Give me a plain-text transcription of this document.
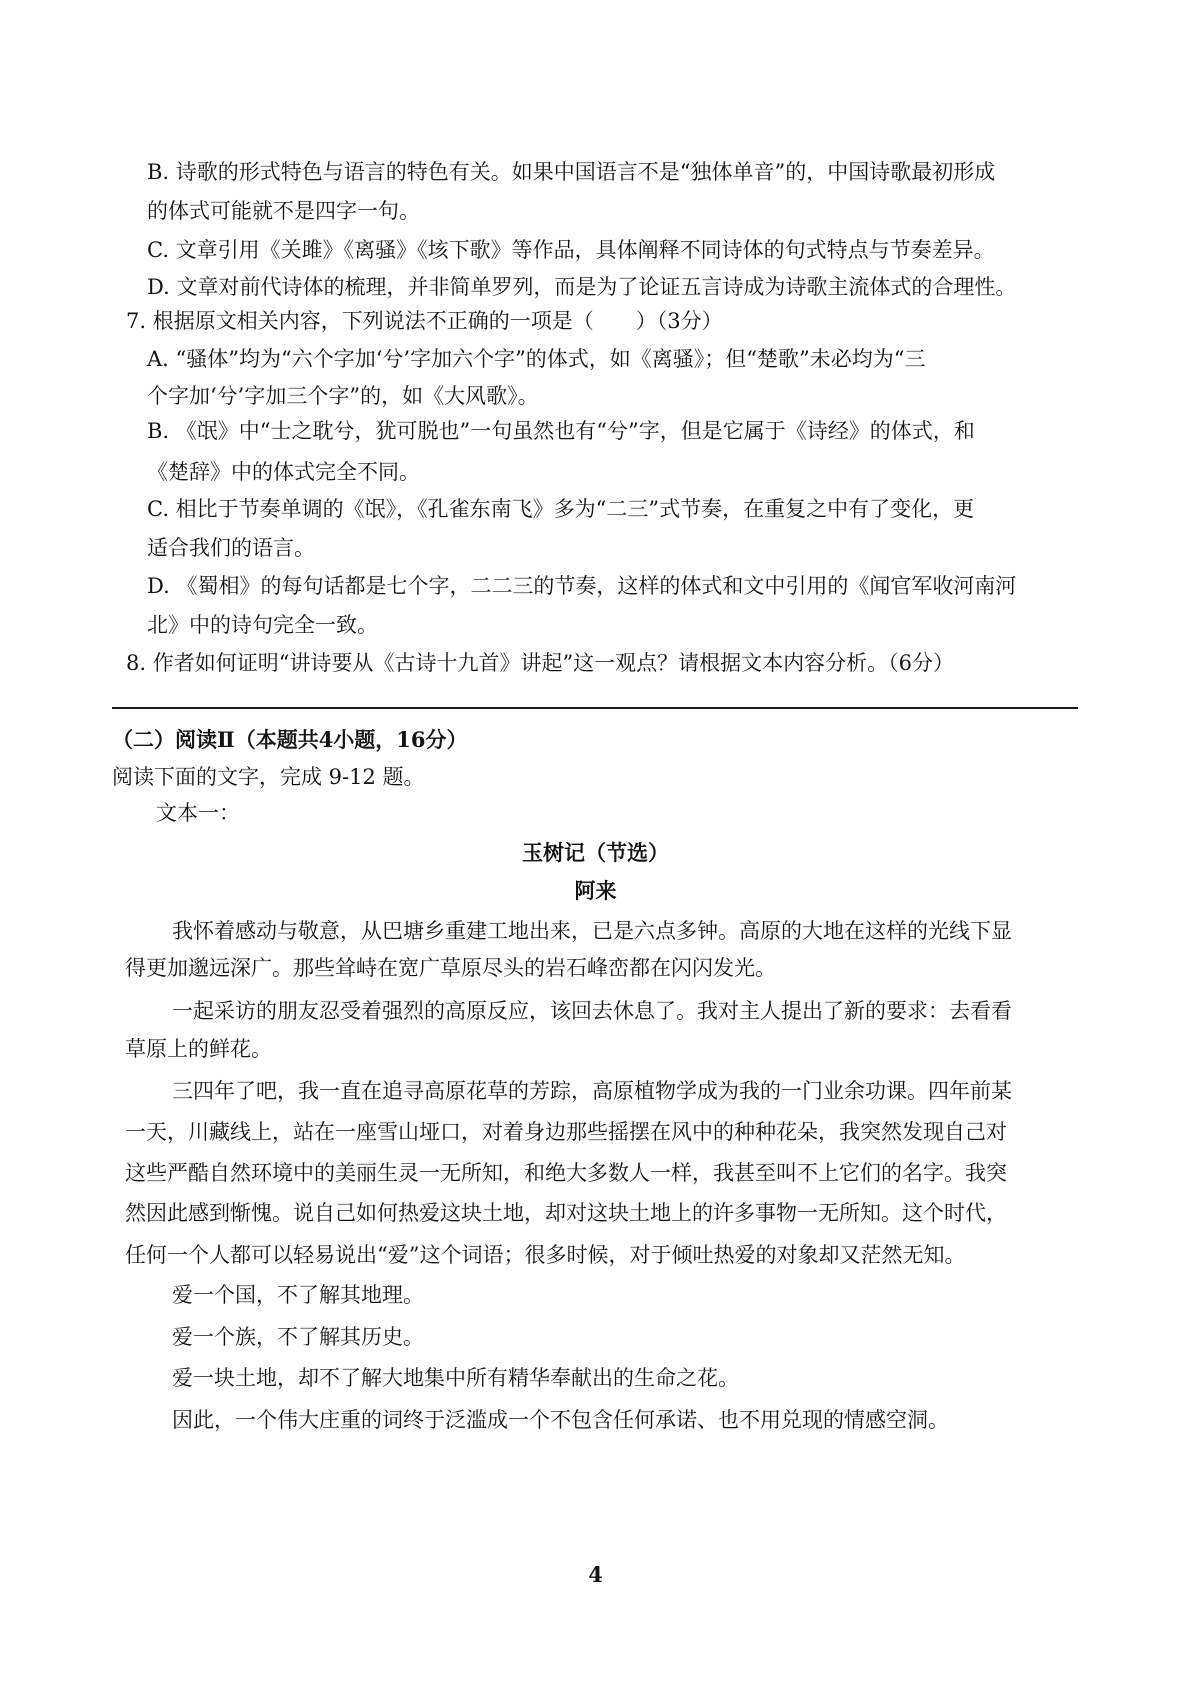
B. 诗歌的形式特色与语言的特色有关。如果中国语言不是“独体单音”的，中国诗歌最初形成
的体式可能就不是四字一句。
C. 文章引用《关雎》《离骚》《垓下歌》等作品，具体阐释不同诗体的句式特点与节奏差异。
D. 文章对前代诗体的梳理，并非简单罗列，而是为了论证五言诗成为诗歌主流体式的合理性。
7. 根据原文相关内容，下列说法不正确的一项是（　　）（3分）
A. “骚体”均为“六个字加‘兮’字加六个字”的体式，如《离骚》；但“楚歌”未必均为“三
个字加‘兮’字加三个字”的，如《大风歌》。
B. 《氓》中“士之耽兮，犹可脱也”一句虽然也有“兮”字，但是它属于《诗经》的体式，和
《楚辞》中的体式完全不同。
C. 相比于节奏单调的《氓》，《孔雀东南飞》多为“二三”式节奏，在重复之中有了变化，更
适合我们的语言。
D. 《蜀相》的每句话都是七个字，二二三的节奏，这样的体式和文中引用的《闻官军收河南河
北》中的诗句完全一致。
8. 作者如何证明“讲诗要从《古诗十九首》讲起”这一观点？请根据文本内容分析。（6分）
（二）阅读Ⅱ（本题共4小题，16分）
阅读下面的文字，完成 9-12 题。
文本一：
玉树记（节选）
阿来
我怀着感动与敬意，从巴塘乡重建工地出来，已是六点多钟。高原的大地在这样的光线下显
得更加邈远深广。那些耸峙在宽广草原尽头的岩石峰峦都在闪闪发光。
一起采访的朋友忍受着强烈的高原反应，该回去休息了。我对主人提出了新的要求：去看看
草原上的鲜花。
三四年了吧，我一直在追寻高原花草的芳踪，高原植物学成为我的一门业余功课。四年前某
一天，川藏线上，站在一座雪山垭口，对着身边那些摇摆在风中的种种花朵，我突然发现自己对
这些严酷自然环境中的美丽生灵一无所知，和绝大多数人一样，我甚至叫不上它们的名字。我突
然因此感到惭愧。说自己如何热爱这块土地，却对这块土地上的许多事物一无所知。这个时代，
任何一个人都可以轻易说出“爱”这个词语；很多时候，对于倾吐热爱的对象却又茫然无知。
爱一个国，不了解其地理。
爱一个族，不了解其历史。
爱一块土地，却不了解大地集中所有精华奉献出的生命之花。
因此，一个伟大庄重的词终于泛滥成一个不包含任何承诺、也不用兑现的情感空洞。
4
